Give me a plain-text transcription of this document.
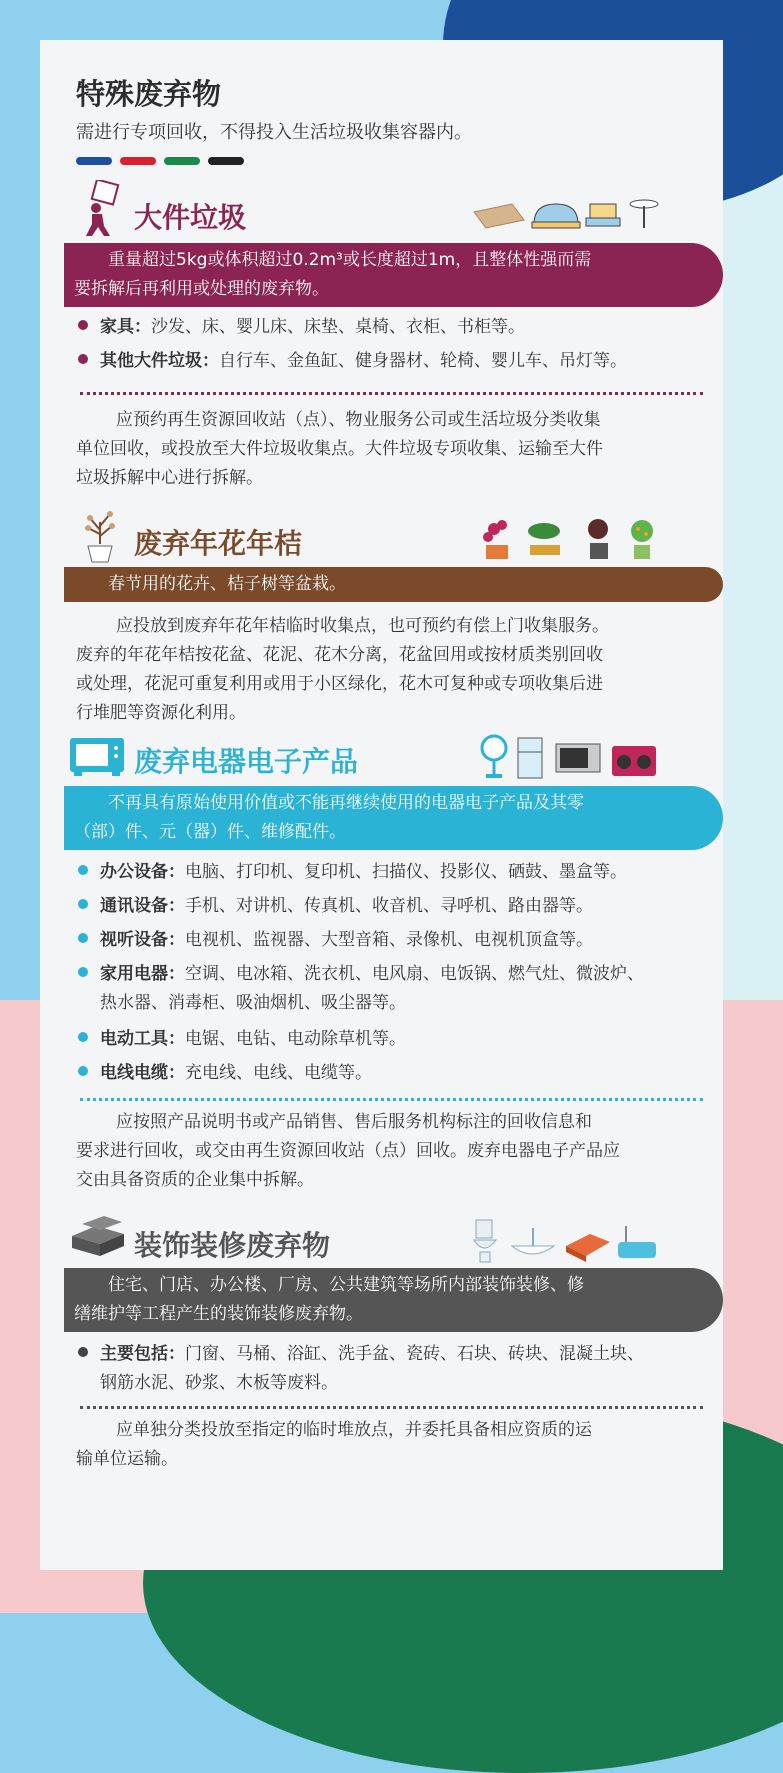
特殊废弃物
需进行专项回收，不得投入生活垃圾收集容器内。
大件垃圾
重量超过5kg或体积超过0.2m³或长度超过1m，且整体性强而需
要拆解后再利用或处理的废弃物。
家具：沙发、床、婴儿床、床垫、桌椅、衣柜、书柜等。
其他大件垃圾：自行车、金鱼缸、健身器材、轮椅、婴儿车、吊灯等。
应预约再生资源回收站（点）、物业服务公司或生活垃圾分类收集
单位回收，或投放至大件垃圾收集点。大件垃圾专项收集、运输至大件
垃圾拆解中心进行拆解。
废弃年花年桔
春节用的花卉、桔子树等盆栽。
应投放到废弃年花年桔临时收集点，也可预约有偿上门收集服务。
废弃的年花年桔按花盆、花泥、花木分离，花盆回用或按材质类别回收
或处理，花泥可重复利用或用于小区绿化，花木可复种或专项收集后进
行堆肥等资源化利用。
废弃电器电子产品
不再具有原始使用价值或不能再继续使用的电器电子产品及其零
（部）件、元（器）件、维修配件。
办公设备：电脑、打印机、复印机、扫描仪、投影仪、硒鼓、墨盒等。
通讯设备：手机、对讲机、传真机、收音机、寻呼机、路由器等。
视听设备：电视机、监视器、大型音箱、录像机、电视机顶盒等。
家用电器：空调、电冰箱、洗衣机、电风扇、电饭锅、燃气灶、微波炉、热水器、消毒柜、吸油烟机、吸尘器等。
电动工具：电锯、电钻、电动除草机等。
电线电缆：充电线、电线、电缆等。
应按照产品说明书或产品销售、售后服务机构标注的回收信息和
要求进行回收，或交由再生资源回收站（点）回收。废弃电器电子产品应
交由具备资质的企业集中拆解。
装饰装修废弃物
住宅、门店、办公楼、厂房、公共建筑等场所内部装饰装修、修
缮维护等工程产生的装饰装修废弃物。
主要包括：门窗、马桶、浴缸、洗手盆、瓷砖、石块、砖块、混凝土块、钢筋水泥、砂浆、木板等废料。
应单独分类投放至指定的临时堆放点，并委托具备相应资质的运
输单位运输。
